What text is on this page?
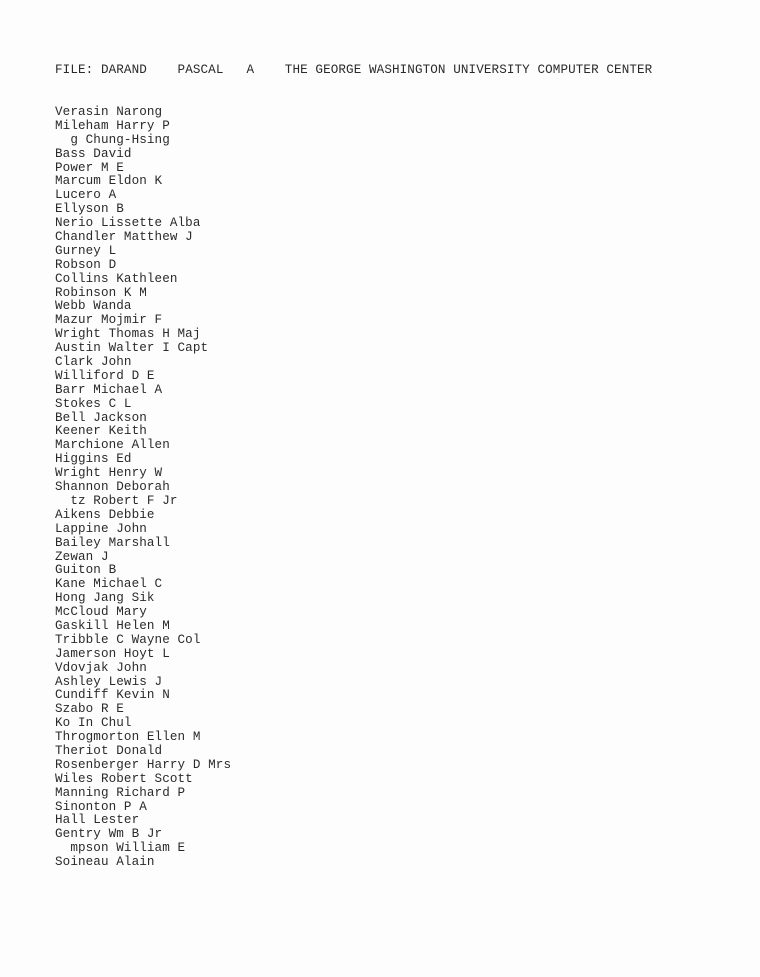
FILE: DARAND PASCAL A THE GEORGE WASHINGTON UNIVERSITY COMPUTER CENTER
Verasin Narong
Mileham Harry P
g Chung-Hsing
Bass David
Power M E
Marcum Eldon K
Lucero A
Ellyson B
Nerio Lissette Alba
Chandler Matthew J
Gurney L
Robson D
Collins Kathleen
Robinson K M
Webb Wanda
Mazur Mojmir F
Wright Thomas H Maj
Austin Walter I Capt
Clark John
Williford D E
Barr Michael A
Stokes C L
Bell Jackson
Keener Keith
Marchione Allen
Higgins Ed
Wright Henry W
Shannon Deborah
tz Robert F Jr
Aikens Debbie
Lappine John
Bailey Marshall
Zewan J
Guiton B
Kane Michael C
Hong Jang Sik
McCloud Mary
Gaskill Helen M
Tribble C Wayne Col
Jamerson Hoyt L
Vdovjak John
Ashley Lewis J
Cundiff Kevin N
Szabo R E
Ko In Chul
Throgmorton Ellen M
Theriot Donald
Rosenberger Harry D Mrs
Wiles Robert Scott
Manning Richard P
Sinonton P A
Hall Lester
Gentry Wm B Jr
mpson William E
Soineau Alain
